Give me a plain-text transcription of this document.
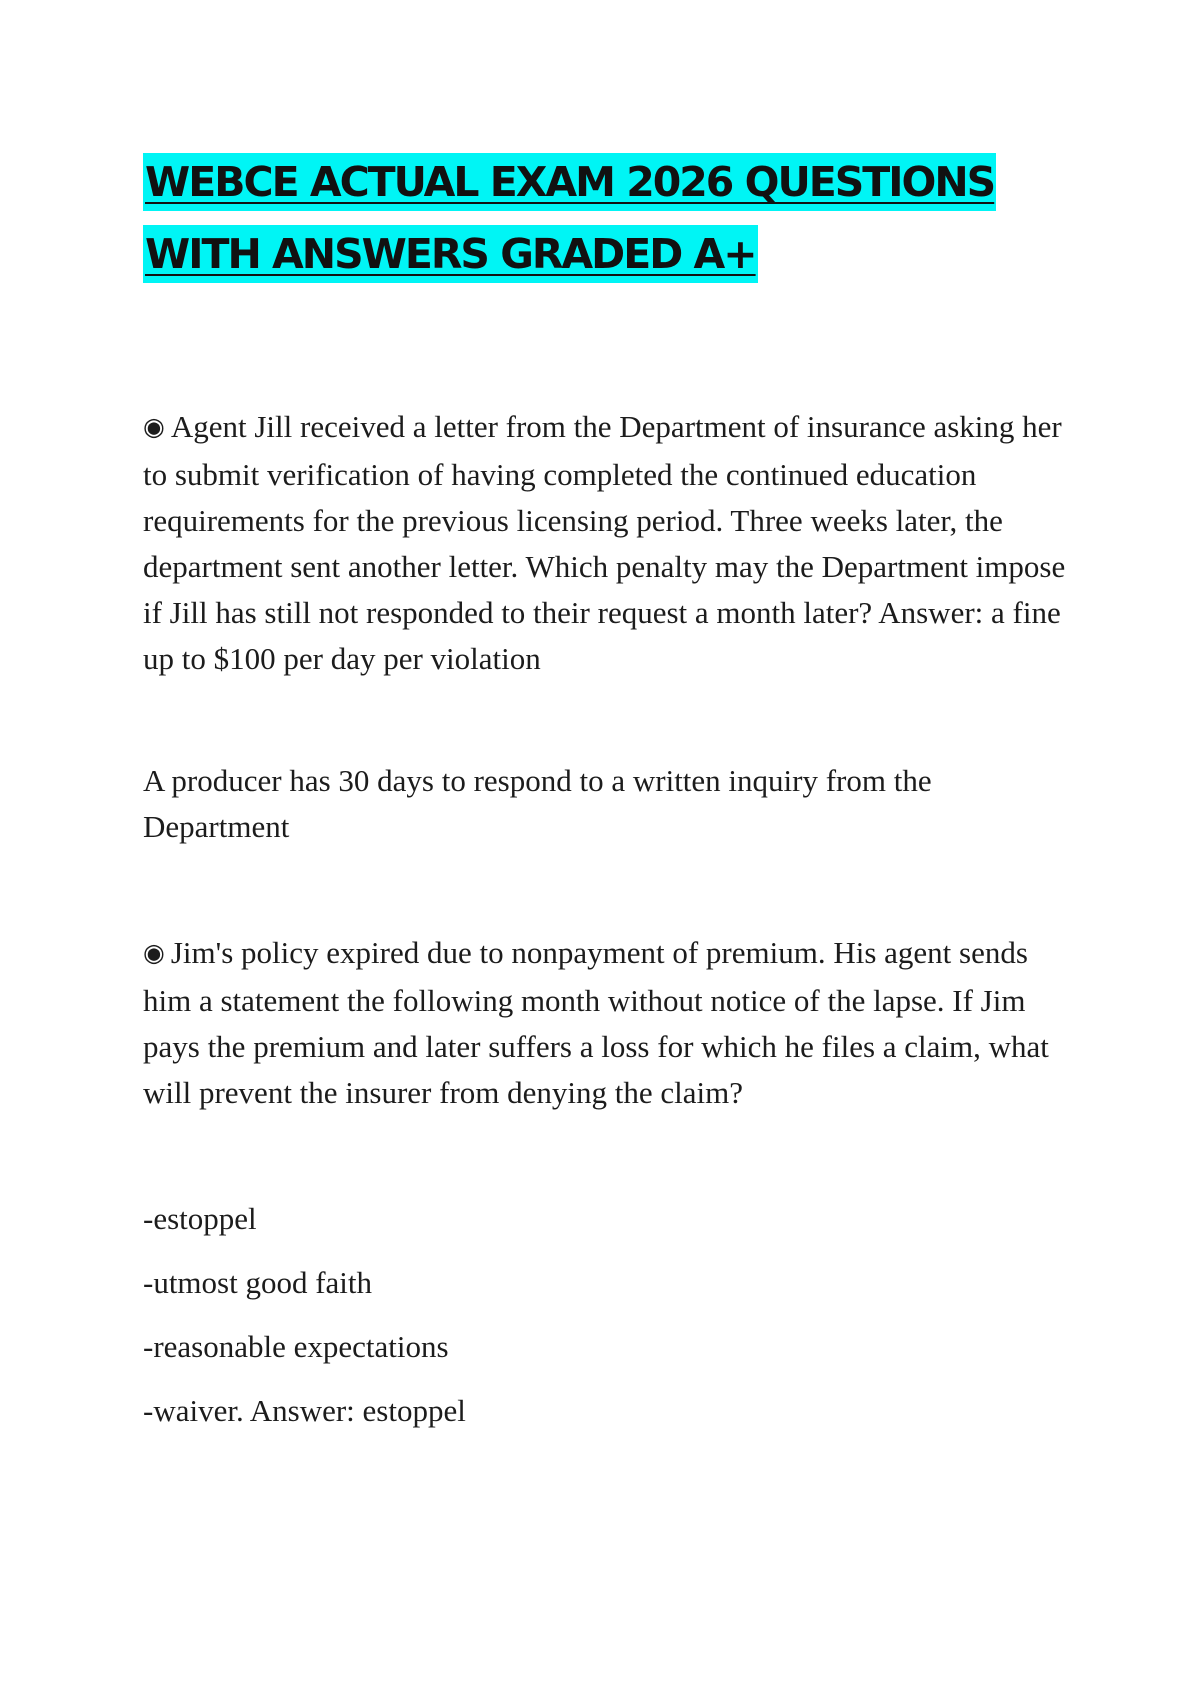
WEBCE ACTUAL EXAM 2026 QUESTIONS
WITH ANSWERS GRADED A+
◉ Agent Jill received a letter from the Department of insurance asking her to submit verification of having completed the continued education requirements for the previous licensing period. Three weeks later, the department sent another letter. Which penalty may the Department impose if Jill has still not responded to their request a month later? Answer: a fine up to $100 per day per violation
A producer has 30 days to respond to a written inquiry from the Department
◉ Jim's policy expired due to nonpayment of premium. His agent sends him a statement the following month without notice of the lapse. If Jim pays the premium and later suffers a loss for which he files a claim, what will prevent the insurer from denying the claim?
-estoppel
-utmost good faith
-reasonable expectations
-waiver. Answer: estoppel
